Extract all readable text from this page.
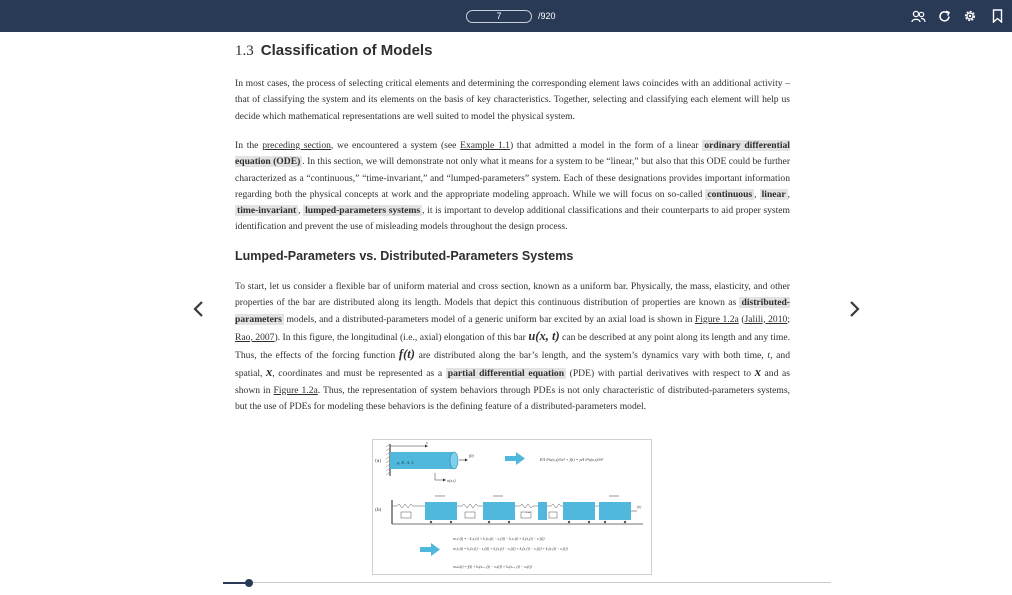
7	/920
1.3 Classification of Models
In most cases, the process of selecting critical elements and determining the corresponding element laws coincides with an additional activity – that of classifying the system and its elements on the basis of key characteristics. Together, selecting and classifying each element will help us decide which mathematical representations are well suited to model the physical system.
In the preceding section, we encountered a system (see Example 1.1) that admitted a model in the form of a linear ordinary differential equation (ODE) . In this section, we will demonstrate not only what it means for a system to be “linear,” but also that this ODE could be further characterized as a “continuous,” “time-invariant,” and “lumped-parameters” system. Each of these designations provides important information regarding both the physical concepts at work and the appropriate modeling approach. While we will focus on so-called continuous , linear , time-invariant , lumped-parameters systems , it is important to develop additional classifications and their counterparts to aid proper system identification and prevent the use of misleading models throughout the design process.
Lumped-Parameters vs. Distributed-Parameters Systems
To start, let us consider a flexible bar of uniform material and cross section, known as a uniform bar. Physically, the mass, elasticity, and other properties of the bar are distributed along its length. Models that depict this continuous distribution of properties are known as distributed-parameters models, and a distributed-parameters model of a generic uniform bar excited by an axial load is shown in Figure 1.2a (Jalili, 2010; Rao, 2007). In this figure, the longitudinal (i.e., axial) elongation of this bar u(x, t) can be described at any point along its length and any time. Thus, the effects of the forcing function f(t) are distributed along the bar’s length, and the system’s dynamics vary with both time, t, and spatial, x, coordinates and must be represented as a partial differential equation (PDE) with partial derivatives with respect to x and as shown in Figure 1.2a. Thus, the representation of system behaviors through PDEs is not only characteristic of distributed-parameters systems, but the use of PDEs for modeling these behaviors is the defining feature of a distributed-parameters model.
(a)
(b)
x
ρ, E, A, L
f(t)
u(x,t)
EA ∂²u(x,t)/∂x² + f(t) = ρA ∂²u(x,t)/∂t²
...
f(t)
m₁ẍ₁(t) = −k₁x₁(t) + k₂(x₂(t) − x₁(t)) − k₁x₁(t) + k₂(x₂(t) − x₁(t))
m₂ẍ₂(t) = k₂(x₁(t) − x₂(t)) + k₃(x₃(t) − x₂(t)) + k₂(x₁(t) − x₂(t)) + k₃(x₃(t) − x₂(t))
mₙẍₙ(t) = f(t) + kₙ(xₙ₋₁(t) − xₙ(t)) + kₙ(xₙ₋₁(t) − xₙ(t))
